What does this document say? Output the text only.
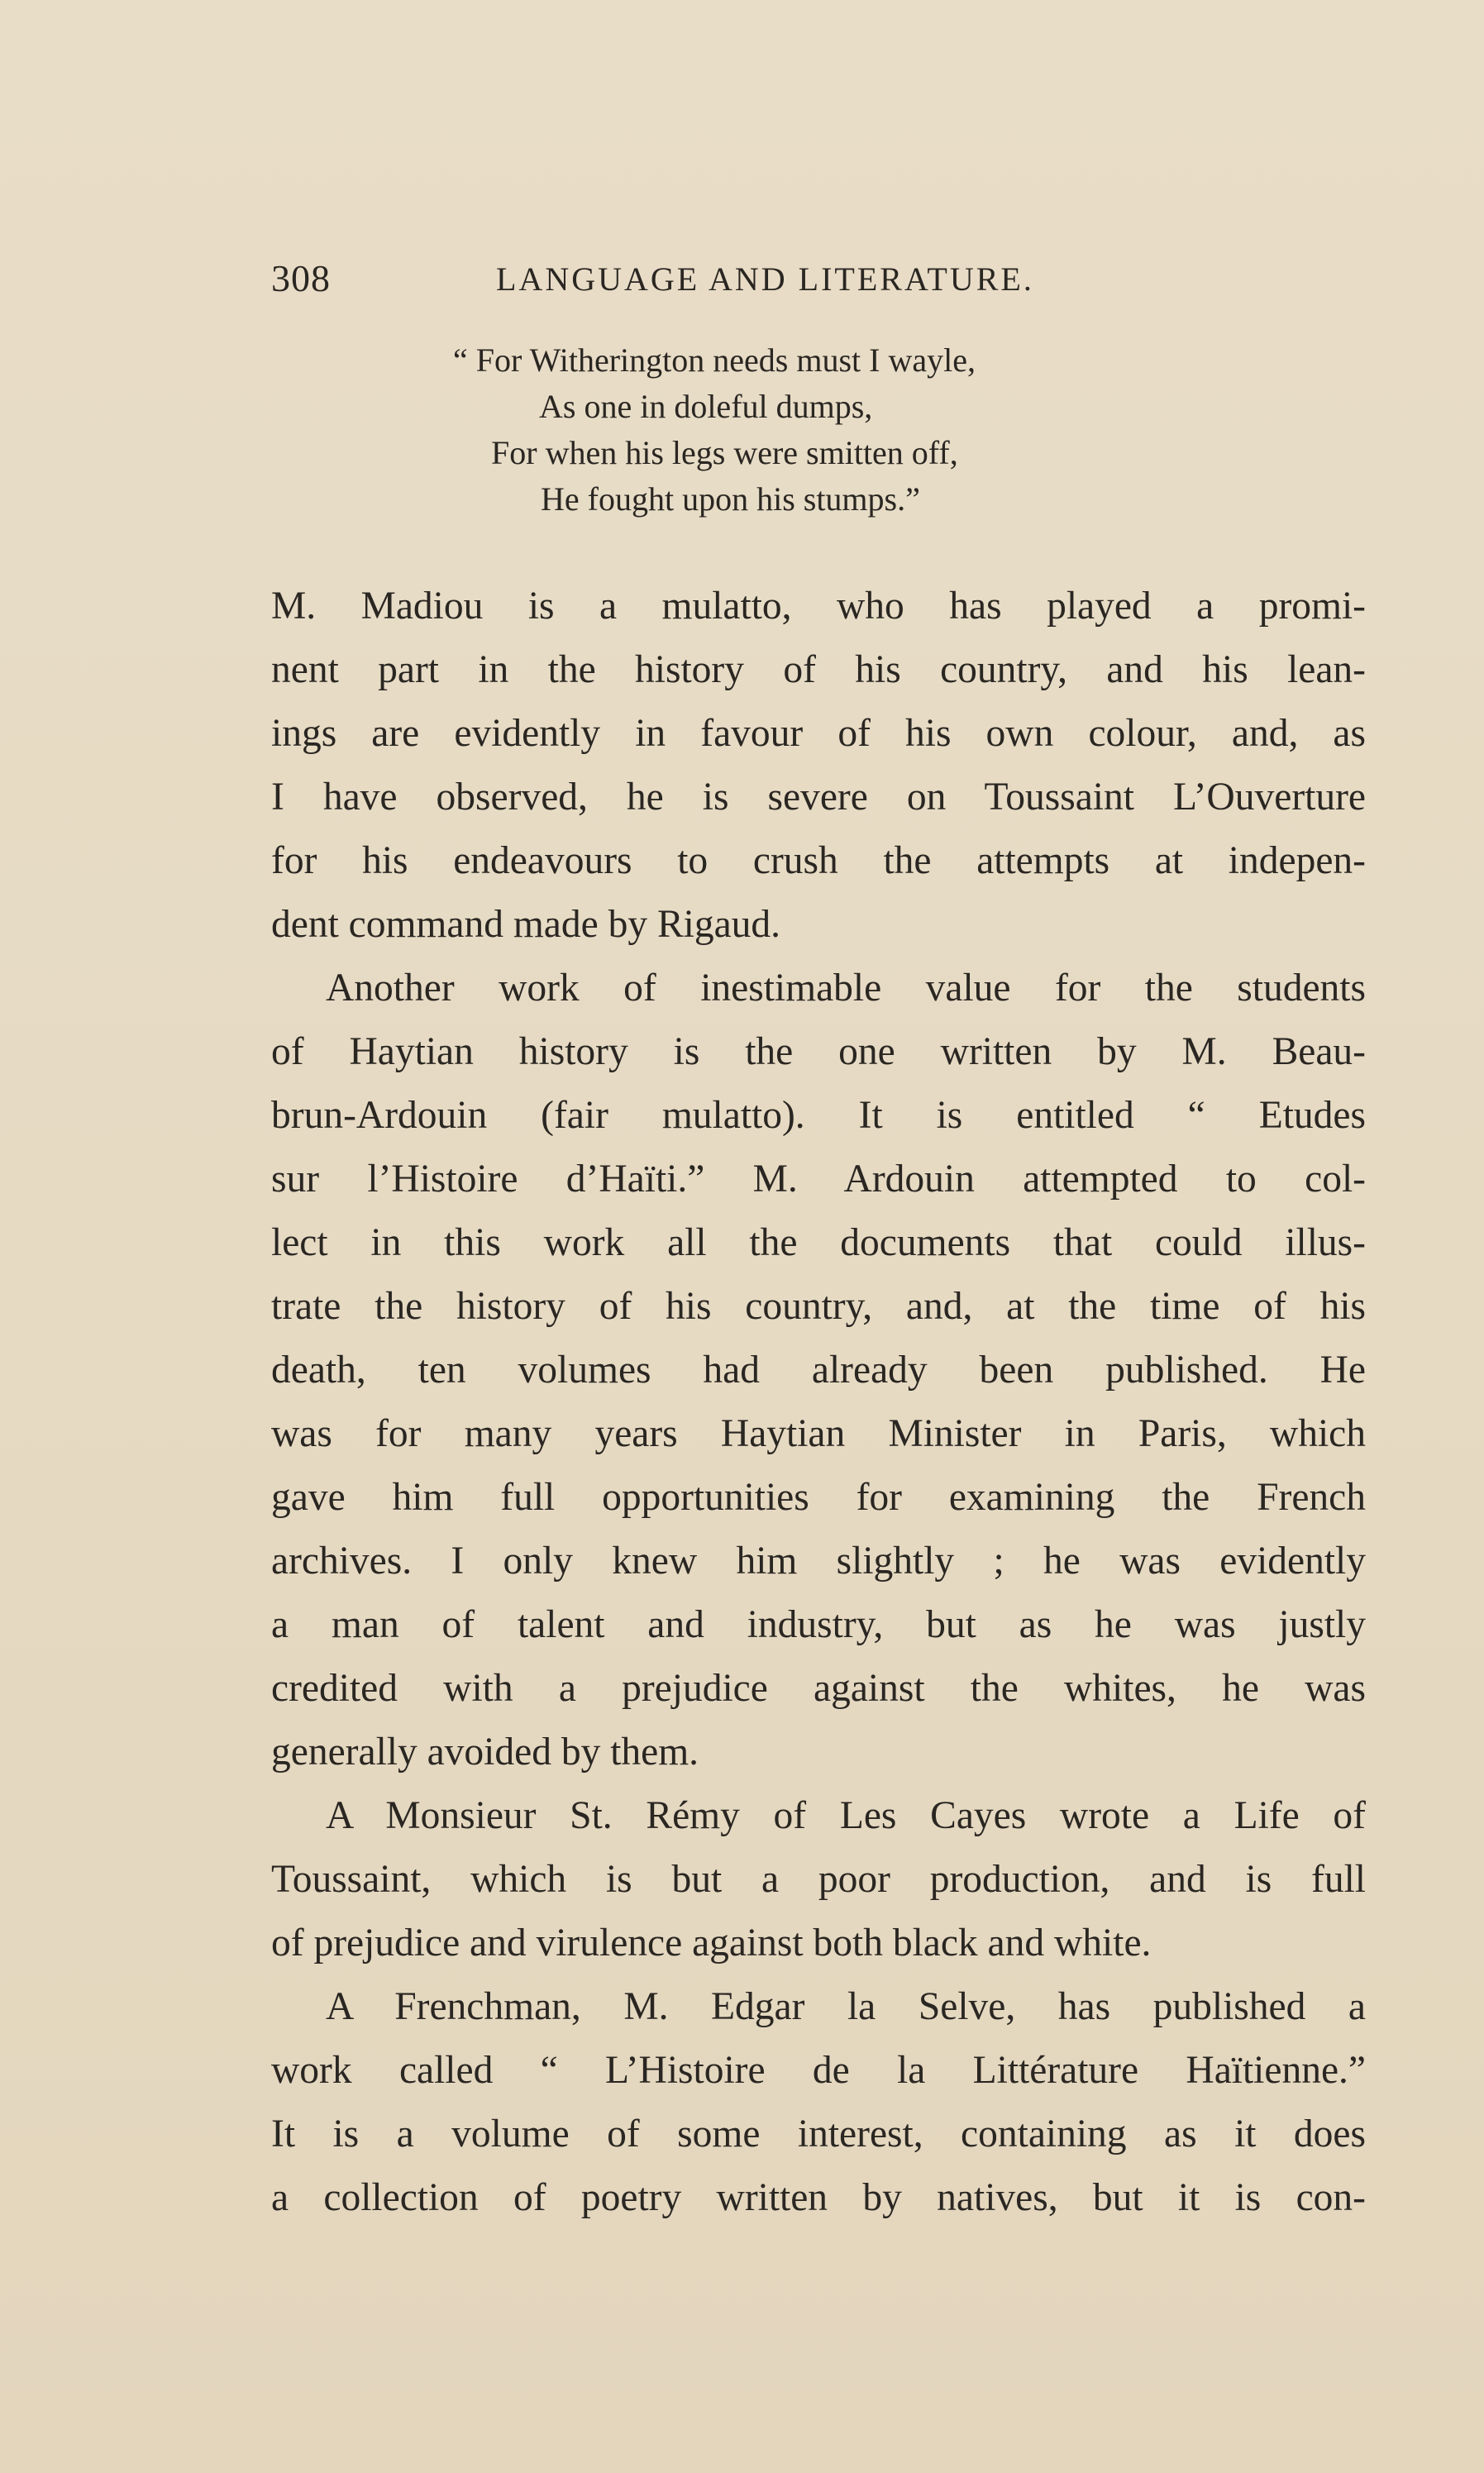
308	LANGUAGE AND LITERATURE.
“ For Witherington needs must I wayle,
As one in doleful dumps,
For when his legs were smitten off,
He fought upon his stumps.”

M. Madiou is a mulatto, who has played a promi-
nent part in the history of his country, and his lean-
ings are evidently in favour of his own colour, and, as
I have observed, he is severe on Toussaint L’Ouverture
for his endeavours to crush the attempts at indepen-
dent command made by Rigaud.

Another work of inestimable value for the students
of Haytian history is the one written by M. Beau-
brun-Ardouin (fair mulatto). It is entitled “ Etudes
sur l’Histoire d’Haïti.” M. Ardouin attempted to col-
lect in this work all the documents that could illus-
trate the history of his country, and, at the time of his
death, ten volumes had already been published. He
was for many years Haytian Minister in Paris, which
gave him full opportunities for examining the French
archives. I only knew him slightly ; he was evidently
a man of talent and industry, but as he was justly
credited with a prejudice against the whites, he was
generally avoided by them.

A Monsieur St. Rémy of Les Cayes wrote a Life of
Toussaint, which is but a poor production, and is full
of prejudice and virulence against both black and white.

A Frenchman, M. Edgar la Selve, has published a
work called “ L’Histoire de la Littérature Haïtienne.”
It is a volume of some interest, containing as it does
a collection of poetry written by natives, but it is con-
